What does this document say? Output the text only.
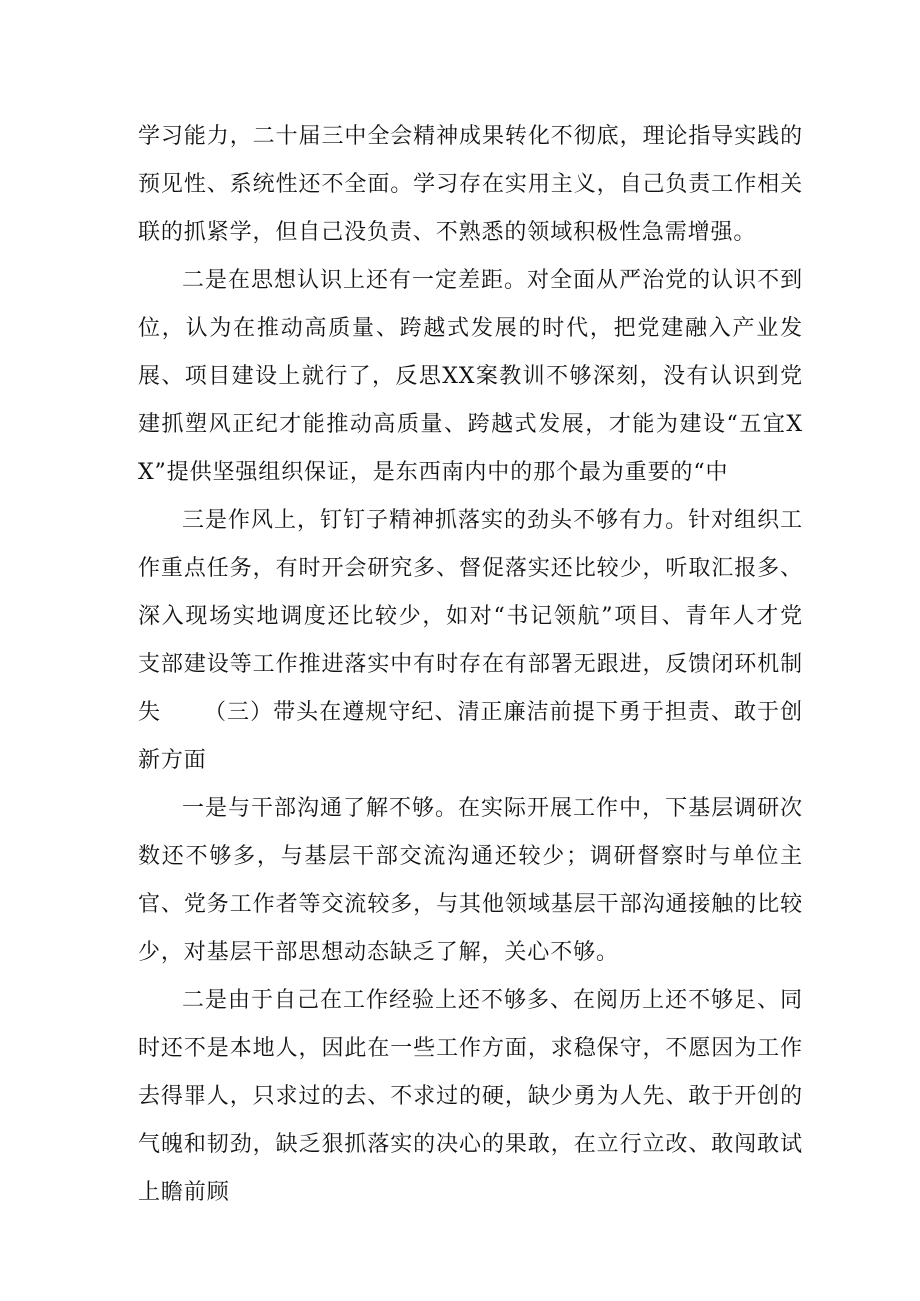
学习能力，二十届三中全会精神成果转化不彻底，理论指导实践的预见性、系统性还不全面。学习存在实用主义，自己负责工作相关联的抓紧学，但自己没负责、不熟悉的领域积极性急需增强。

二是在思想认识上还有一定差距。对全面从严治党的认识不到位，认为在推动高质量、跨越式发展的时代，把党建融入产业发展、项目建设上就行了，反思XX案教训不够深刻，没有认识到党建抓塑风正纪才能推动高质量、跨越式发展，才能为建设“五宜XX”提供坚强组织保证，是东西南内中的那个最为重要的“中

三是作风上，钉钉子精神抓落实的劲头不够有力。针对组织工作重点任务，有时开会研究多、督促落实还比较少，听取汇报多、深入现场实地调度还比较少，如对“书记领航”项目、青年人才党支部建设等工作推进落实中有时存在有部署无跟进，反馈闭环机制失	（三）带头在遵规守纪、清正廉洁前提下勇于担责、敢于创新方面

一是与干部沟通了解不够。在实际开展工作中，下基层调研次数还不够多，与基层干部交流沟通还较少；调研督察时与单位主官、党务工作者等交流较多，与其他领域基层干部沟通接触的比较少，对基层干部思想动态缺乏了解，关心不够。

二是由于自己在工作经验上还不够多、在阅历上还不够足、同时还不是本地人，因此在一些工作方面，求稳保守，不愿因为工作去得罪人，只求过的去、不求过的硬，缺少勇为人先、敢于开创的气魄和韧劲，缺乏狠抓落实的决心的果敢，在立行立改、敢闯敢试上瞻前顾
